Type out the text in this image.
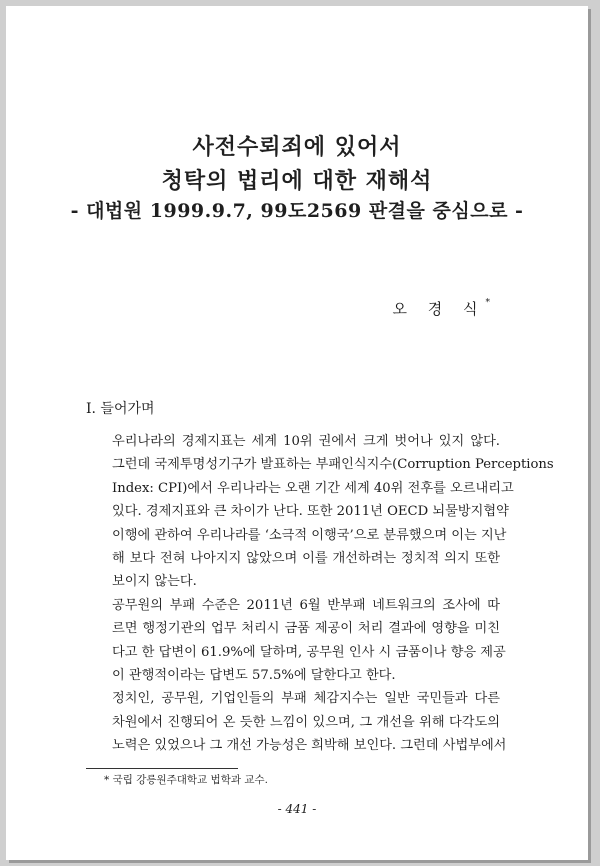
사전수뢰죄에 있어서
청탁의 법리에 대한 재해석
- 대법원 1999.9.7, 99도2569 판결을 중심으로 -
오 경 식*
Ⅰ. 들어가며

우리나라의 경제지표는 세계 10위 권에서 크게 벗어나 있지 않다.
그런데 국제투명성기구가 발표하는 부패인식지수(Corruption Perceptions
Index: CPI)에서 우리나라는 오랜 기간 세계 40위 전후를 오르내리고
있다. 경제지표와 큰 차이가 난다. 또한 2011년 OECD 뇌물방지협약
이행에 관하여 우리나라를 ‘소극적 이행국’으로 분류했으며 이는 지난
해 보다 전혀 나아지지 않았으며 이를 개선하려는 정치적 의지 또한
보이지 않는다.

공무원의 부패 수준은 2011년 6월 반부패 네트워크의 조사에 따
르면 행정기관의 업무 처리시 금품 제공이 처리 결과에 영향을 미친
다고 한 답변이 61.9%에 달하며, 공무원 인사 시 금품이나 향응 제공
이 관행적이라는 답변도 57.5%에 달한다고 한다.

정치인, 공무원, 기업인들의 부패 체감지수는 일반 국민들과 다른
차원에서 진행되어 온 듯한 느낌이 있으며, 그 개선을 위해 다각도의
노력은 있었으나 그 개선 가능성은 희박해 보인다. 그런데 사법부에서

* 국립 강릉원주대학교 법학과 교수.
- 441 -
